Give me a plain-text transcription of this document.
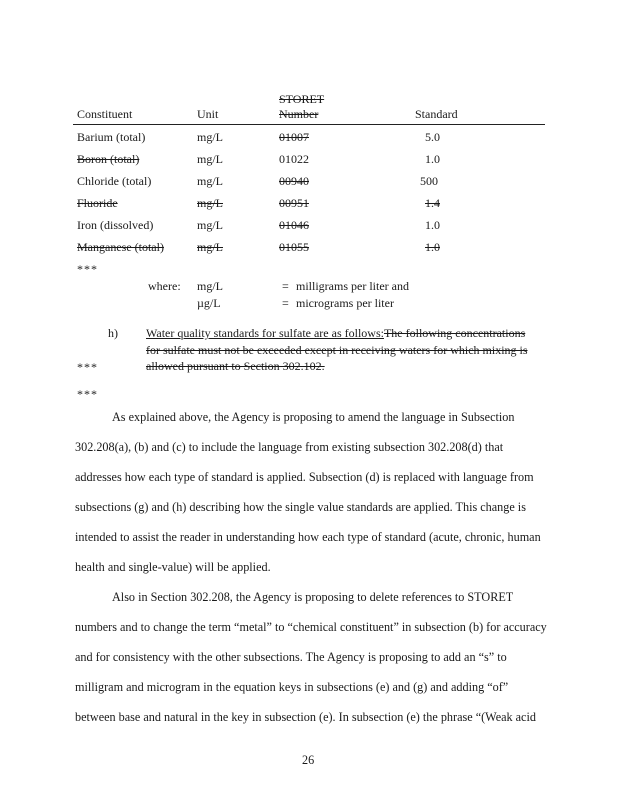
STORET
Constituent	Unit	Number	Standard
Barium (total)	mg/L	01007	5.0
Boron (total)	mg/L	01022	1.0
Chloride (total)	mg/L	00940	500
Fluoride	mg/L	00951	1.4
Iron (dissolved)	mg/L	01046	1.0
Manganese (total)	mg/L	01055	1.0
***
where: mg/L	= milligrams per liter and
µg/L	= micrograms per liter
h) Water quality standards for sulfate are as follows:The following concentrations
for sulfate must not be exceeded except in receiving waters for which mixing is
allowed pursuant to Section 302.102.
***
***
As explained above, the Agency is proposing to amend the language in Subsection
302.208(a), (b) and (c) to include the language from existing subsection 302.208(d) that
addresses how each type of standard is applied. Subsection (d) is replaced with language from
subsections (g) and (h) describing how the single value standards are applied. This change is
intended to assist the reader in understanding how each type of standard (acute, chronic, human
health and single-value) will be applied.
Also in Section 302.208, the Agency is proposing to delete references to STORET
numbers and to change the term “metal” to “chemical constituent” in subsection (b) for accuracy
and for consistency with the other subsections. The Agency is proposing to add an “s” to
milligram and microgram in the equation keys in subsections (e) and (g) and adding “of”
between base and natural in the key in subsection (e). In subsection (e) the phrase “(Weak acid
26
